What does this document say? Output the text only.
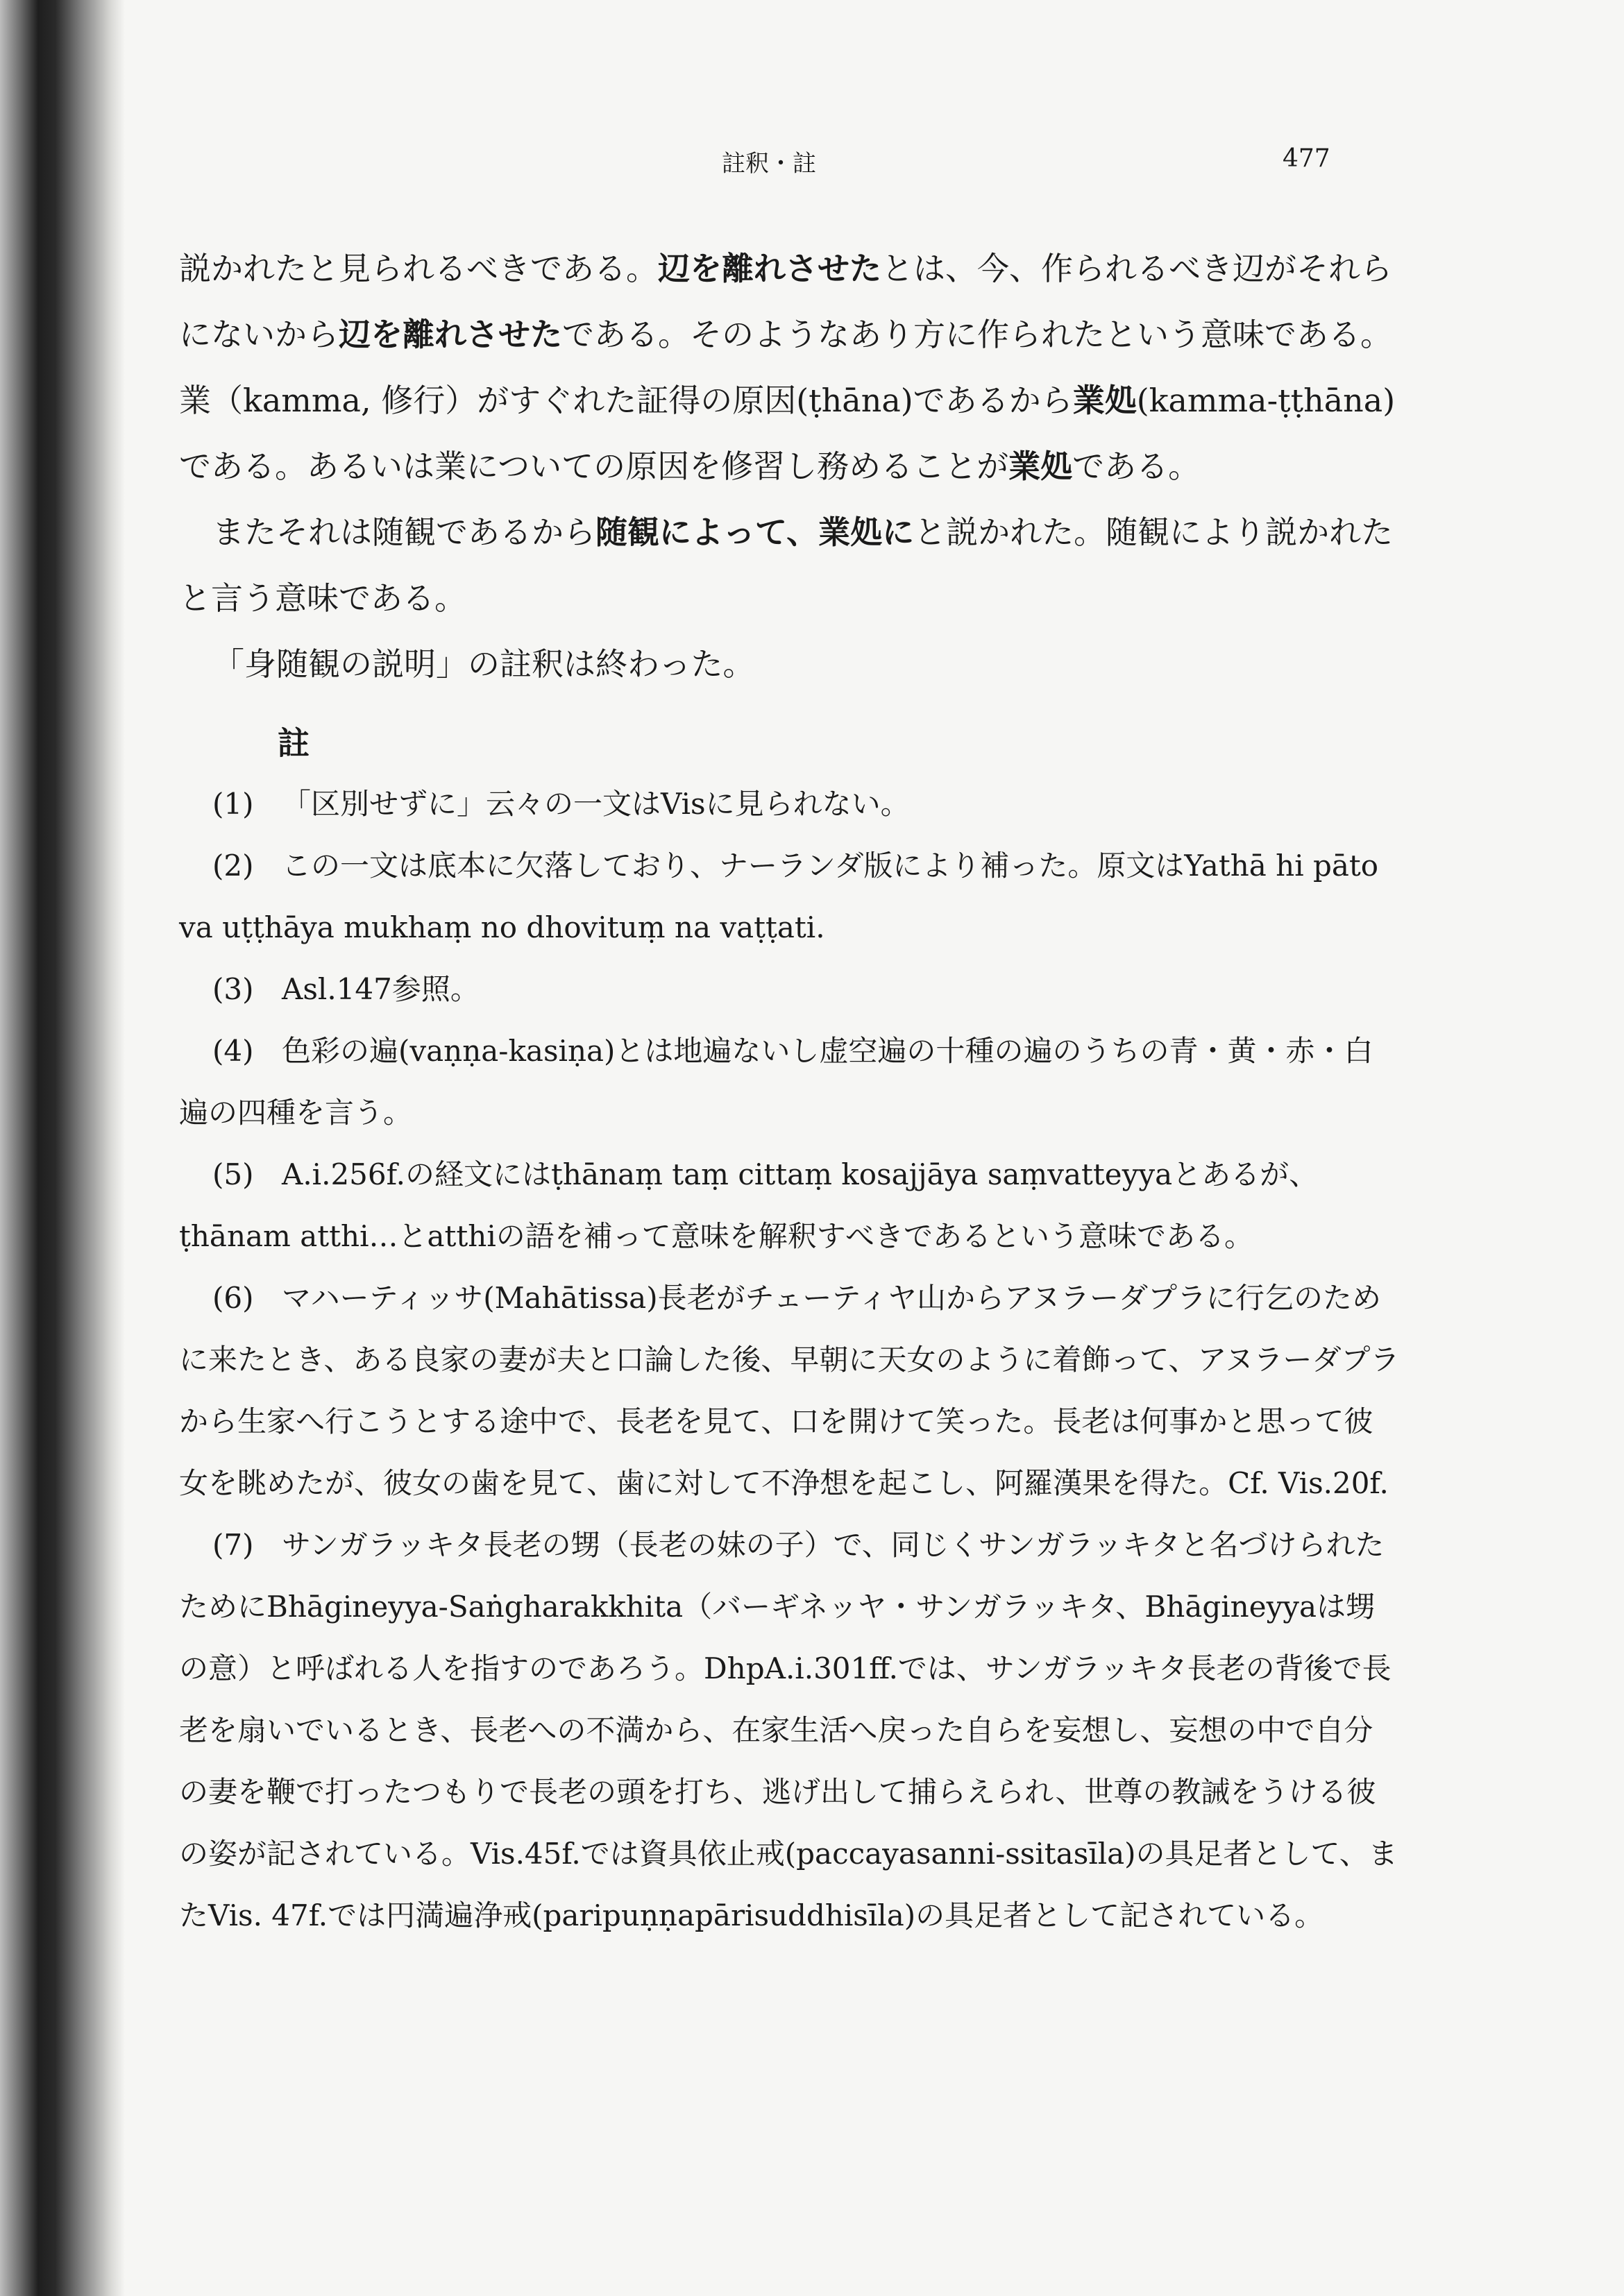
註釈・註	477

説かれたと見られるべきである。辺を離れさせたとは、今、作られるべき辺がそれらにないから辺を離れさせたである。そのようなあり方に作られたという意味である。業（kamma, 修行）がすぐれた証得の原因(ṭhāna)であるから業処(kamma-ṭṭhāna)である。あるいは業についての原因を修習し務めることが業処である。

またそれは随観であるから随観によって、業処にと説かれた。随観により説かれたと言う意味である。

「身随観の説明」の註釈は終わった。

註

(1) 「区別せずに」云々の一文はVisに見られない。

(2) この一文は底本に欠落しており、ナーランダ版により補った。原文はYathā hi pāto va uṭṭhāya mukhaṃ no dhovituṃ na vaṭṭati.

(3) Asl.147参照。

(4) 色彩の遍(vaṇṇa-kasiṇa)とは地遍ないし虚空遍の十種の遍のうちの青・黄・赤・白遍の四種を言う。

(5) A.i.256f.の経文にはṭhānaṃ taṃ cittaṃ kosajjāya saṃvatteyyaとあるが、ṭhānam atthi…とatthiの語を補って意味を解釈すべきであるという意味である。

(6) マハーティッサ(Mahātissa)長老がチェーティヤ山からアヌラーダプラに行乞のために来たとき、ある良家の妻が夫と口論した後、早朝に天女のように着飾って、アヌラーダプラから生家へ行こうとする途中で、長老を見て、口を開けて笑った。長老は何事かと思って彼女を眺めたが、彼女の歯を見て、歯に対して不浄想を起こし、阿羅漢果を得た。Cf. Vis.20f.

(7) サンガラッキタ長老の甥（長老の妹の子）で、同じくサンガラッキタと名づけられたためにBhāgineyya-Saṅgharakkhita（バーギネッヤ・サンガラッキタ、Bhāgineyyaは甥の意）と呼ばれる人を指すのであろう。DhpA.i.301ff.では、サンガラッキタ長老の背後で長老を扇いでいるとき、長老への不満から、在家生活へ戻った自らを妄想し、妄想の中で自分の妻を鞭で打ったつもりで長老の頭を打ち、逃げ出して捕らえられ、世尊の教誡をうける彼の姿が記されている。Vis.45f.では資具依止戒(paccayasanni-ssitasīla)の具足者として、またVis. 47f.では円満遍浄戒(paripuṇṇapārisuddhisīla)の具足者として記されている。
